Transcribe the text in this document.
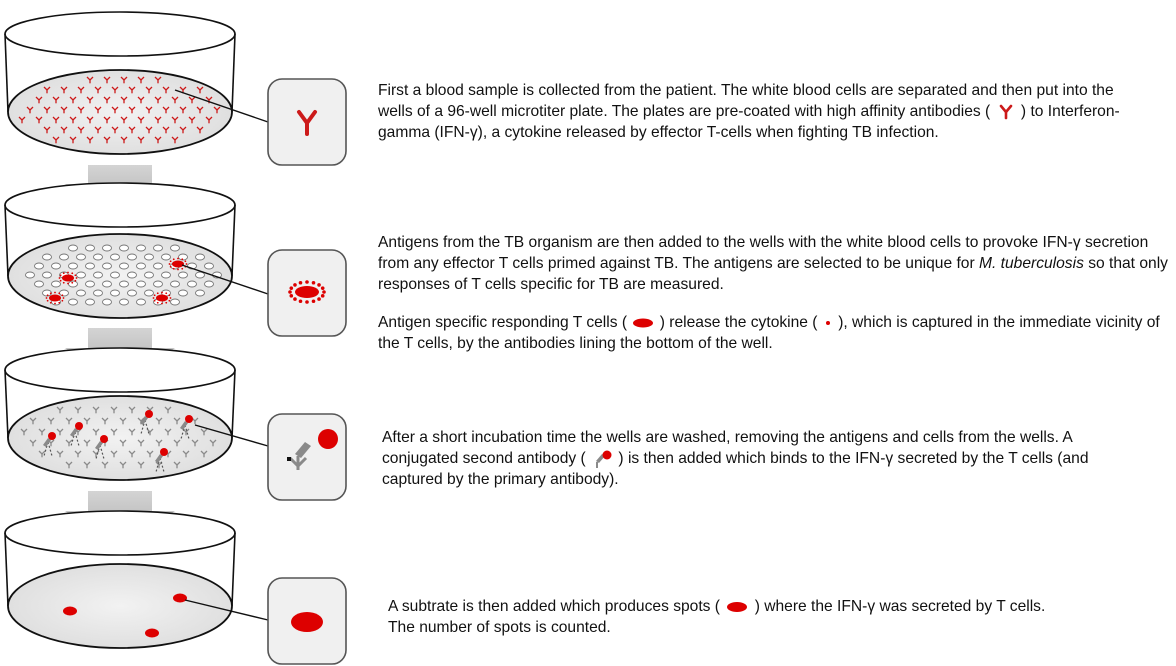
First a blood sample is collected from the patient. The white blood cells are separated and then put into the wells of a 96-well microtiter plate. The plates are pre-coated with high affinity antibodies ( ) to Interferon-gamma (IFN-γ), a cytokine released by effector T-cells when fighting TB infection.

Antigens from the TB organism are then added to the wells with the white blood cells to provoke IFN-γ secretion from any effector T cells primed against TB. The antigens are selected to be unique for M. tuberculosis so that only responses of T cells specific for TB are measured.

Antigen specific responding T cells ( ) release the cytokine ( ), which is captured in the immediate vicinity of the T cells, by the antibodies lining the bottom of the well.

After a short incubation time the wells are washed, removing the antigens and cells from the wells. A conjugated second antibody ( ) is then added which binds to the IFN-γ secreted by the T cells (and captured by the primary antibody).

A subtrate is then added which produces spots ( ) where the IFN-γ was secreted by T cells.

The number of spots is counted.
